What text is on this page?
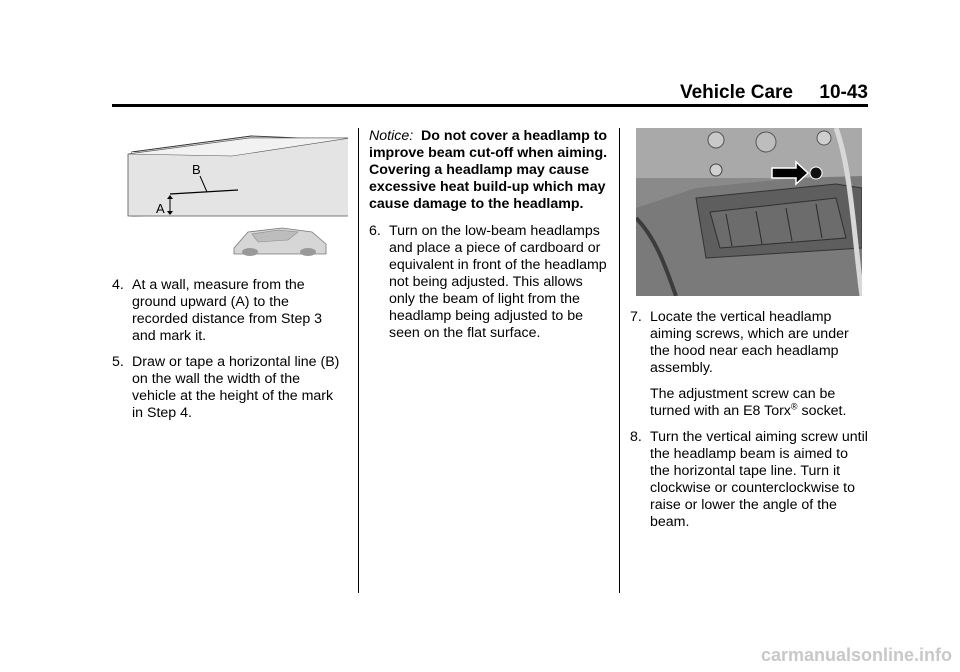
Vehicle Care     10-43
B
A
4. At a wall, measure from the ground upward (A) to the recorded distance from Step 3 and mark it.
5. Draw or tape a horizontal line (B) on the wall the width of the vehicle at the height of the mark in Step 4.
Notice: Do not cover a headlamp to improve beam cut-off when aiming. Covering a headlamp may cause excessive heat build-up which may cause damage to the headlamp.
6. Turn on the low-beam headlamps and place a piece of cardboard or equivalent in front of the headlamp not being adjusted. This allows only the beam of light from the headlamp being adjusted to be seen on the flat surface.
7. Locate the vertical headlamp aiming screws, which are under the hood near each headlamp assembly.
The adjustment screw can be turned with an E8 Torx® socket.
8. Turn the vertical aiming screw until the headlamp beam is aimed to the horizontal tape line. Turn it clockwise or counterclockwise to raise or lower the angle of the beam.
carmanualsonline.info
